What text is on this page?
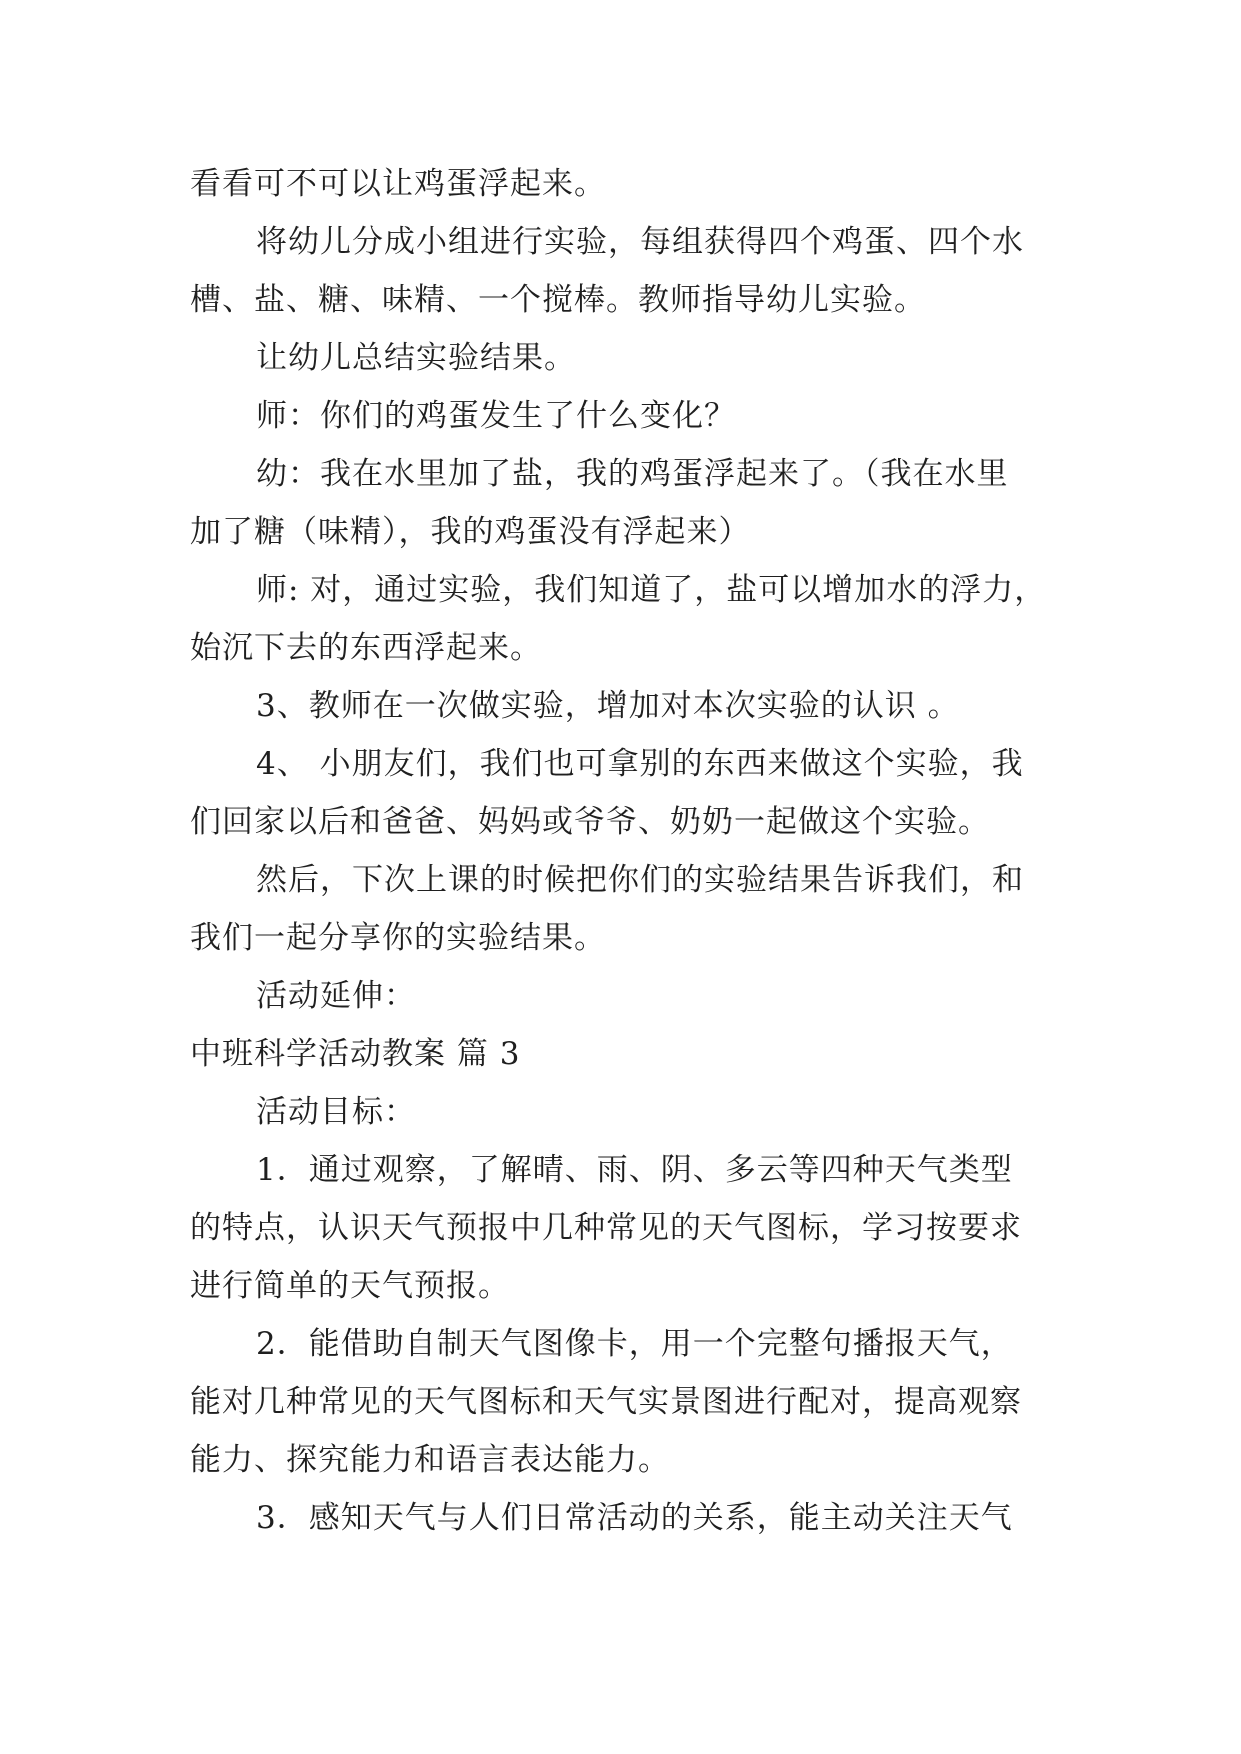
看看可不可以让鸡蛋浮起来。

将幼儿分成小组进行实验，每组获得四个鸡蛋、四个水

槽、盐、糖、味精、一个搅棒。教师指导幼儿实验。

让幼儿总结实验结果。

师：你们的鸡蛋发生了什么变化？

幼：我在水里加了盐，我的鸡蛋浮起来了。（我在水里

加了糖（味精），我的鸡蛋没有浮起来）

师: 对，通过实验，我们知道了，盐可以增加水的浮力，

始沉下去的东西浮起来。

3、教师在一次做实验，增加对本次实验的认识 。

4、 小朋友们，我们也可拿别的东西来做这个实验，我

们回家以后和爸爸、妈妈或爷爷、奶奶一起做这个实验。

然后，下次上课的时候把你们的实验结果告诉我们，和

我们一起分享你的实验结果。

活动延伸：

中班科学活动教案 篇 3

活动目标：

1．通过观察，了解晴、雨、阴、多云等四种天气类型

的特点，认识天气预报中几种常见的天气图标，学习按要求

进行简单的天气预报。

2．能借助自制天气图像卡，用一个完整句播报天气，

能对几种常见的天气图标和天气实景图进行配对，提高观察

能力、探究能力和语言表达能力。

3．感知天气与人们日常活动的关系，能主动关注天气
